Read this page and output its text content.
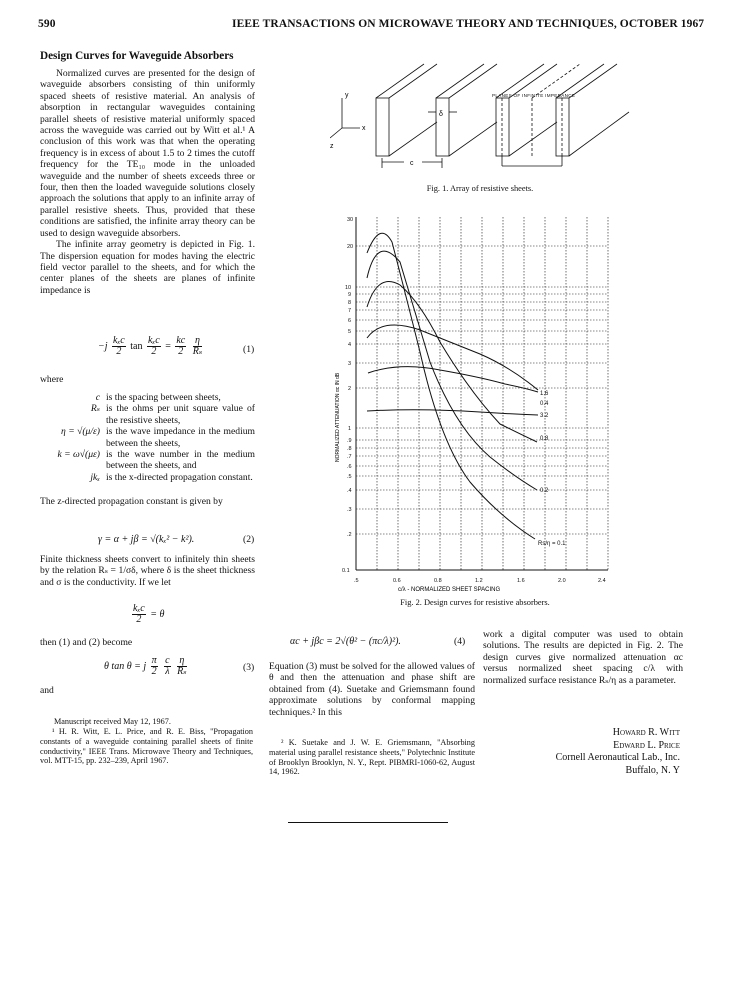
590	IEEE TRANSACTIONS ON MICROWAVE THEORY AND TECHNIQUES, OCTOBER 1967
Design Curves for Waveguide Absorbers

Normalized curves are presented for the design of waveguide absorbers consisting of thin uniformly spaced sheets of resistive material. An analysis of absorption in rectangular waveguides containing parallel sheets of resistive material uniformly spaced across the waveguide was carried out by Witt et al.¹ A conclusion of this work was that when the operating frequency is in excess of about 1.5 to 2 times the cutoff frequency for the TE₁₀ mode in the unloaded waveguide and the number of sheets exceeds three or four, then then the loaded waveguide solutions closely approach the solutions that apply to an infinite array of parallel resistive sheets. Thus, provided that these conditions are satisfied, the infinite array theory can be used to design waveguide absorbers.

The infinite array geometry is depicted in Fig. 1. The dispersion equation for modes having the electric field vector parallel to the sheets, and for which the center planes of the sheets are planes of infinite impedance is

$-j \frac{\text{kₓc}}{2}$ $\tan \frac{\text{kₓc}}{2} = \frac{kc}{2}$
$\frac{\eta}{\text{Rₛ}}$	(1)
where
c is the spacing between sheets,
Rₛ is the ohms per unit square value of the resistive sheets,
η = √(μ/ε) is the wave impedance in the medium between the sheets,
k = ω√(με) is the wave number in the medium between the sheets, and
jkₓ is the x-directed propagation constant.
The z-directed propagation constant is given by
γ = α + jβ = √(kₓ² − k²).	(2)
Finite thickness sheets convert to infinitely thin sheets by the relation Rₛ = 1/σδ, where δ is the sheet thickness and σ is the conductivity. If we let
$\frac{\text{kₓc}}{2} = \theta$
then (1) and (2) become
θ tan θ = j $\frac{\pi}{2}$
$\frac{c}{\lambda}$
$\frac{\eta}{\text{Rₛ}}$	(3)
and
Manuscript received May 12, 1967.
¹ H. R. Witt, E. L. Price, and R. E. Biss, "Propagation constants of a waveguide containing parallel sheets of finite conductivity," IEEE Trans. Microwave Theory and Techniques, vol. MTT-15, pp. 232–239, April 1967.
y
x
z
δ
c
PLANES OF INFINITE IMPEDANCE
Fig. 1. Array of resistive sheets.
30
20
10
9
8
7
6
5
4
3
2
1
.9
.8
.7
.6
.5
.4
.3
.2
0.1
.5	0.6	0.8	1.2	1.6	2.0	2.4
1.6
0.4
3.2
0.8
0.2
Rs/η = 0.1
NORMALIZED ATTENUATION αc IN dB
c/λ - NORMALIZED SHEET SPACING
Fig. 2. Design curves for resistive absorbers.
αc + jβc = 2√(θ² − (πc/λ)²).	(4)
Equation (3) must be solved for the allowed values of θ and then the attenuation and phase shift are obtained from (4). Suetake and Griemsmann found approximate solutions by conformal mapping techniques.² In this
² K. Suetake and J. W. E. Griemsmann, "Absorbing material using parallel resistance sheets," Polytechnic Institute of Brooklyn Brooklyn, N. Y., Rept. PIBMRI-1060-62, August 14, 1962.
work a digital computer was used to obtain solutions. The results are depicted in Fig. 2. The design curves give normalized attenuation αc versus normalized sheet spacing c/λ with normalized surface resistance Rₛ/η as a parameter.
Howard R. Witt
Edward L. Price
Cornell Aeronautical Lab., Inc.
Buffalo, N. Y
